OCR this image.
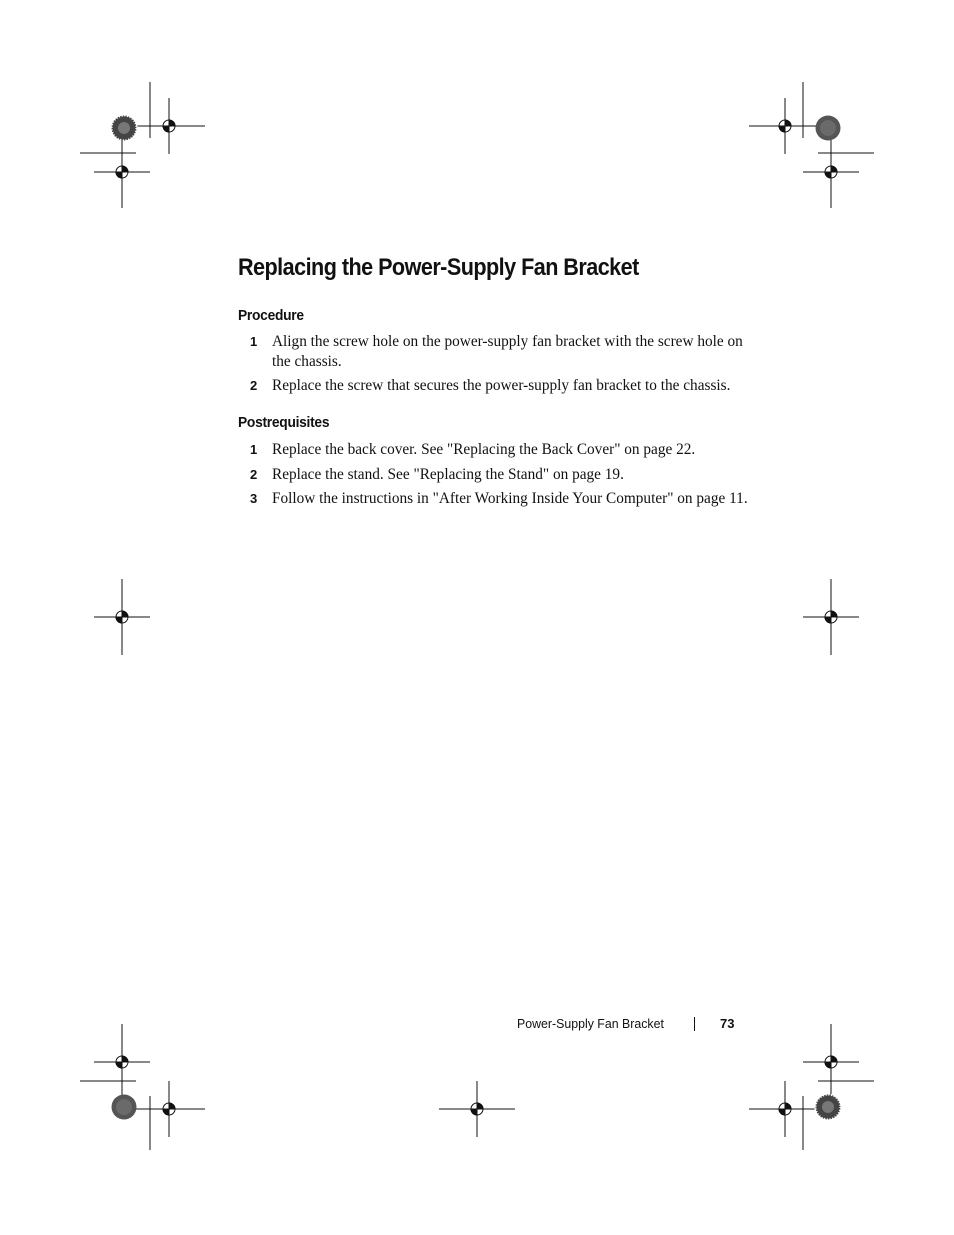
Replacing the Power-Supply Fan Bracket
Procedure
1 Align the screw hole on the power-supply fan bracket with the screw hole on the chassis.
2 Replace the screw that secures the power-supply fan bracket to the chassis.
Postrequisites
1 Replace the back cover. See "Replacing the Back Cover" on page 22.
2 Replace the stand. See "Replacing the Stand" on page 19.
3 Follow the instructions in "After Working Inside Your Computer" on page 11.
Power-Supply Fan Bracket	73
